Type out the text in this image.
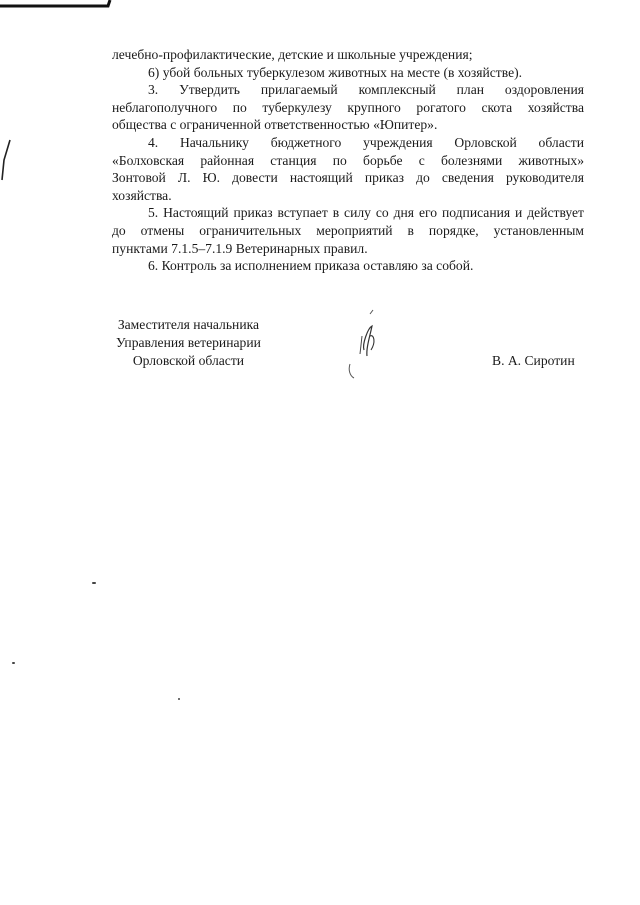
лечебно-профилактические, детские и школьные учреждения;
6) убой больных туберкулезом животных на месте (в хозяйстве).
3. Утвердить прилагаемый комплексный план оздоровления
неблагополучного по туберкулезу крупного рогатого скота хозяйства
общества с ограниченной ответственностью «Юпитер».
4. Начальнику бюджетного учреждения Орловской области
«Болховская районная станция по борьбе с болезнями животных»
Зонтовой Л. Ю. довести настоящий приказ до сведения руководителя
хозяйства.
5. Настоящий приказ вступает в силу со дня его подписания и действует
до отмены ограничительных мероприятий в порядке, установленным
пунктами 7.1.5–7.1.9 Ветеринарных правил.
6. Контроль за исполнением приказа оставляю за собой.
Заместителя начальника
Управления ветеринарии
Орловской области	В. А. Сиротин
